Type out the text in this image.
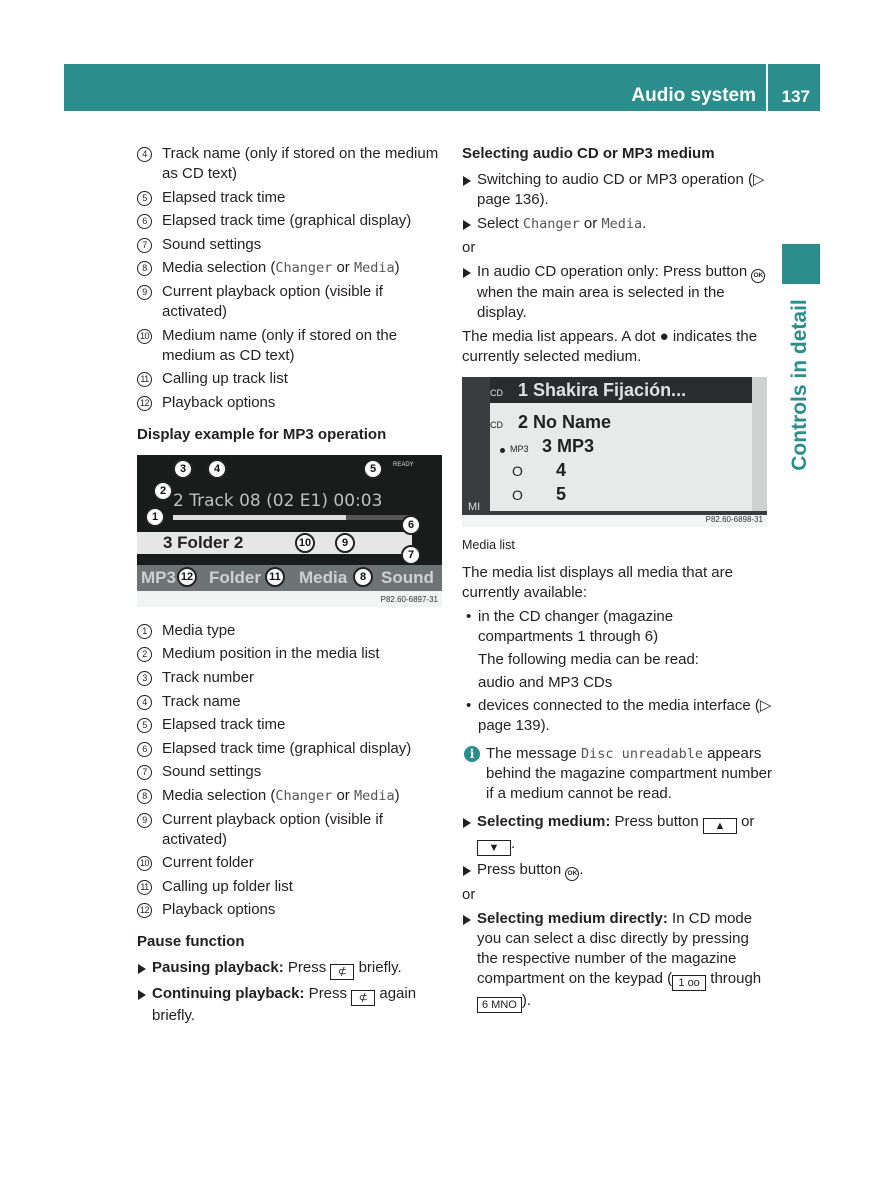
Audio system 137
Controls in detail
4	Track name (only if stored on the medium as CD text)
5	Elapsed track time
6	Elapsed track time (graphical display)
7	Sound settings
8	Media selection (Changer or Media)
9	Current playback option (visible if activated)
10 Medium name (only if stored on the medium as CD text)
11 Calling up track list
12 Playback options
Display example for MP3 operation
READY
2 Track 08 (02 E1) 00:03
3 Folder 2
MP3 Folder Media Sound
1
2
3	4	5
6
7
8
9
10
11
12
P82.60-6897-31
1	Media type
2	Medium position in the media list
3	Track number
4	Track name
5	Elapsed track time
6	Elapsed track time (graphical display)
7	Sound settings
8	Media selection (Changer or Media)
9	Current playback option (visible if activated)
10 Current folder
11 Calling up folder list
12 Playback options
Pause function
Pausing playback: Press ⊄ briefly.
Continuing playback: Press ⊄ again briefly.
Selecting audio CD or MP3 medium
Switching to audio CD or MP3 operation (▷ page 136).
Select Changer or Media.
or
In audio CD operation only: Press button OK when the main area is selected in the display.
The media list appears. A dot ● indicates the currently selected medium.
MI
CD 1 Shakira Fijación...
CD 2 No Name
MP3 3 MP3
O 4
O 5
P82.60-6898-31
Media list
The media list displays all media that are currently available:
• in the CD changer (magazine compartments 1 through 6)
The following media can be read:
audio and MP3 CDs
• devices connected to the media interface (▷ page 139).
i The message Disc unreadable appears behind the magazine compartment number if a medium cannot be read.
Selecting medium: Press button ▲ or ▼ .
Press button OK .
or
Selecting medium directly: In CD mode you can select a disc directly by pressing the respective number of the magazine compartment on the keypad ( 1 oo through 6 MNO ).
